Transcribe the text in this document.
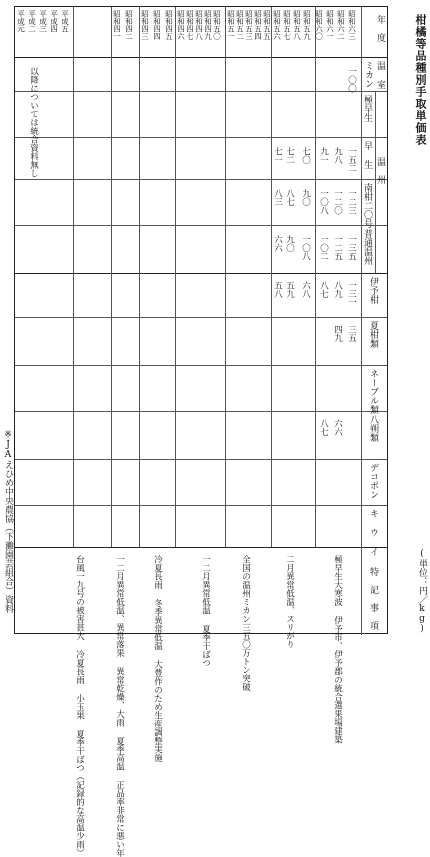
柑橘等品種別手取単価表
(単位：円／kg)
※JAえひめ中央農協（下灘園芸組合）資料
年　度
温 室
ミカン
極早生
早 生
南柑二〇号
普通温州
温　州
伊予柑
夏柑類
ネーブル類
八朔類
デコポン
キ ウ イ
特　記　事　項
昭和六〇 昭和六一 昭和六二 昭和六三
昭和五六 昭和五七 昭和五八 昭和五九
昭和五一 昭和五二 昭和五三 昭和五四 昭和五五
昭和四六 昭和四七 昭和四八 昭和四九 昭和五〇
昭和四一 昭和四二 昭和四三 昭和四四 昭和四五
平成元 平成二 平成三 平成四 平成五
一〇〇
一五二
一二三
一三五
一三一
三五
九八
一二〇
一二五
八九
四九
六六
九一
一〇八
一〇二
八七
八七
七〇
九〇
一〇八
六八
七二
八七
九〇
五九
七一
八三
六六
五八
以降については統合資料無し
極早生大寒波 伊予市、伊予郡の統合選果場建築
二月異常低温、スリがり
全国の温州ミカン三五〇万トン突破
一二月異常低温 夏季干ばつ
冷夏長雨 冬季異常低温 大豊作のため生産調整実施
一二月異常低温、異常落果 異常乾燥、大雨 夏季高温 正品率非常に悪い年
台風一九号の被害甚大 冷夏長雨 小玉果 夏季干ばつ（記録的な高温少雨）
